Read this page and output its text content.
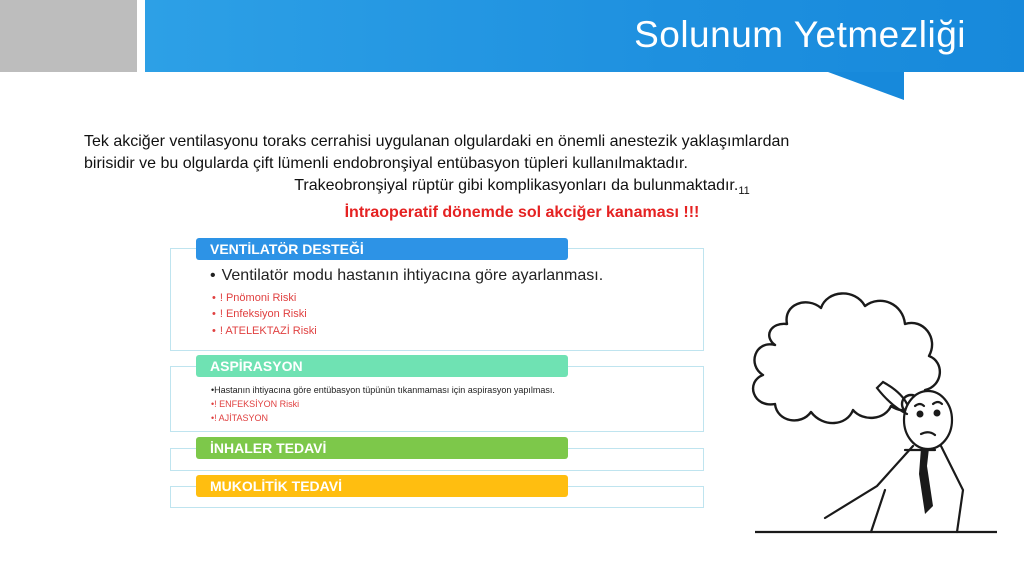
Solunum Yetmezliği
Tek akciğer ventilasyonu toraks cerrahisi uygulanan olgulardaki en önemli anestezik yaklaşımlardan
birisidir ve bu olgularda çift lümenli endobronşiyal entübasyon tüpleri kullanılmaktadır.
Trakeobronşiyal rüptür gibi komplikasyonları da $bulunmaktadır._{11}$
İntraoperatif dönemde sol akciğer kanaması !!!
VENTİLATÖR DESTEĞİ
• Ventilatör modu hastanın ihtiyacına göre ayarlanması.
• ! Pnömoni Riski
• ! Enfeksiyon Riski
• ! ATELEKTAZİ Riski
ASPİRASYON
•Hastanın ihtiyacına göre entübasyon tüpünün tıkanmaması için aspirasyon yapılması.
•! ENFEKSİYON Riski
•! AJİTASYON
İNHALER TEDAVİ
MUKOLİTİK TEDAVİ
